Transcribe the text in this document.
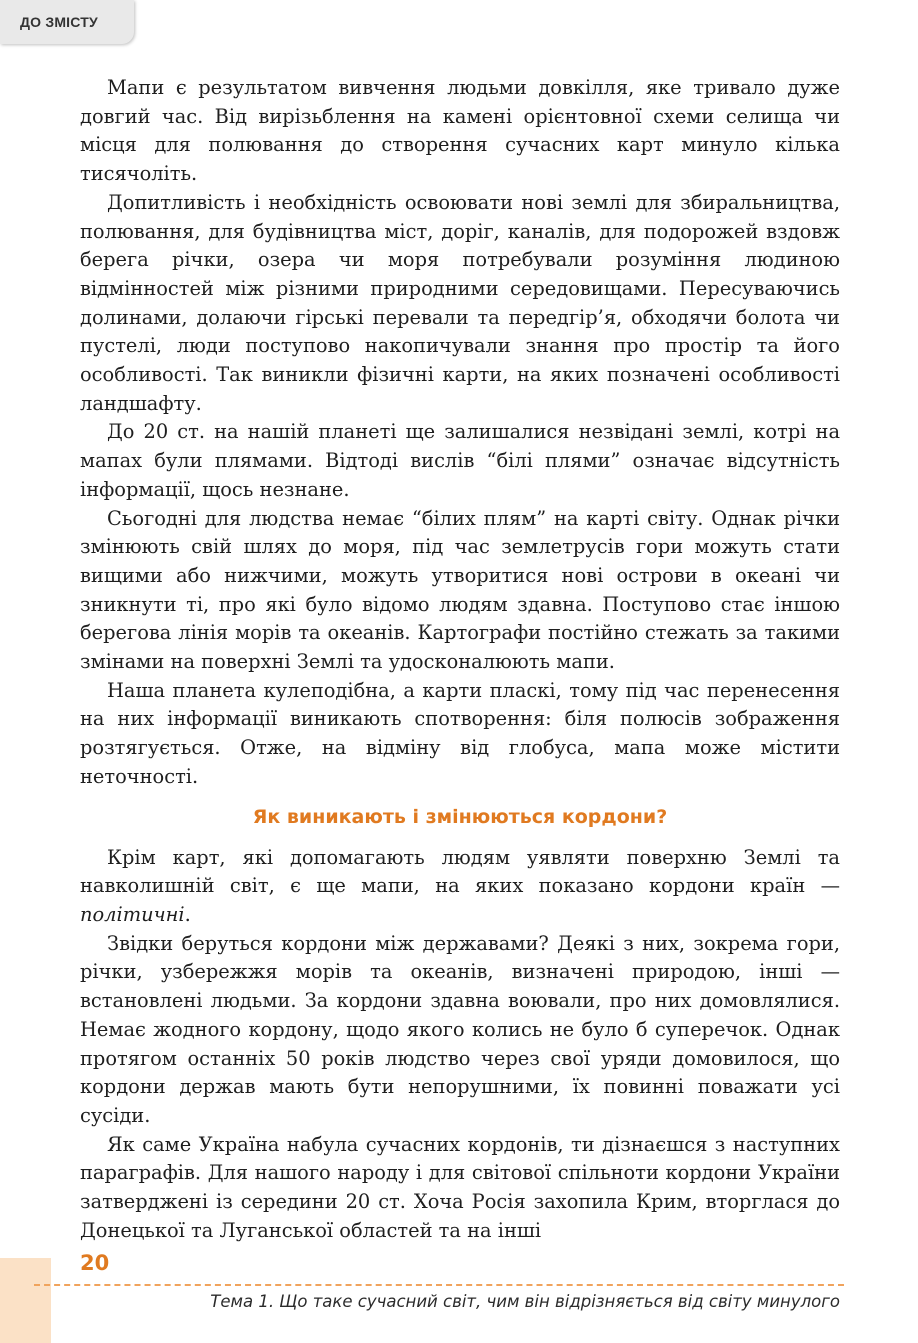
ДО ЗМІСТУ

Мапи є результатом вивчення людьми довкілля, яке тривало дуже довгий час. Від вирізьблення на камені орієнтовної схеми селища чи місця для полювання до створення сучасних карт минуло кілька тисячоліть.

Допитливість і необхідність освоювати нові землі для збиральництва, полювання, для будівництва міст, доріг, каналів, для подорожей вздовж берега річки, озера чи моря потребували розуміння людиною відмінностей між різними природними середовищами. Пересуваючись долинами, долаючи гірські перевали та передгір’я, обходячи болота чи пустелі, люди поступово накопичували знання про простір та його особливості. Так виникли фізичні карти, на яких позначені особливості ландшафту.

До 20 ст. на нашій планеті ще залишалися незвідані землі, котрі на мапах були плямами. Відтоді вислів “білі плями” означає відсутність інформації, щось незнане.

Сьогодні для людства немає “білих плям” на карті світу. Однак річки змінюють свій шлях до моря, під час землетрусів гори можуть стати вищими або нижчими, можуть утворитися нові острови в океані чи зникнути ті, про які було відомо людям здавна. Поступово стає іншою берегова лінія морів та океанів. Картографи постійно стежать за такими змінами на поверхні Землі та удосконалюють мапи.

Наша планета кулеподібна, а карти пласкі, тому під час перенесення на них інформації виникають спотворення: біля полюсів зображення розтягується. Отже, на відміну від глобуса, мапа може містити неточності.

Як виникають і змінюються кордони?

Крім карт, які допомагають людям уявляти поверхню Землі та навколишній світ, є ще мапи, на яких показано кордони країн — політичні.

Звідки беруться кордони між державами? Деякі з них, зокрема гори, річки, узбережжя морів та океанів, визначені природою, інші — встановлені людьми. За кордони здавна воювали, про них домовлялися. Немає жодного кордону, щодо якого колись не було б суперечок. Однак протягом останніх 50 років людство через свої уряди домовилося, що кордони держав мають бути непорушними, їх повинні поважати усі сусіди.

Як саме Україна набула сучасних кордонів, ти дізнаєшся з наступних параграфів. Для нашого народу і для світової спільноти кордони України затверджені із середини 20 ст. Хоча Росія захопила Крим, вторглася до Донецької та Луганської областей та на інші

20
Тема 1. Що таке сучасний світ, чим він відрізняється від світу минулого
